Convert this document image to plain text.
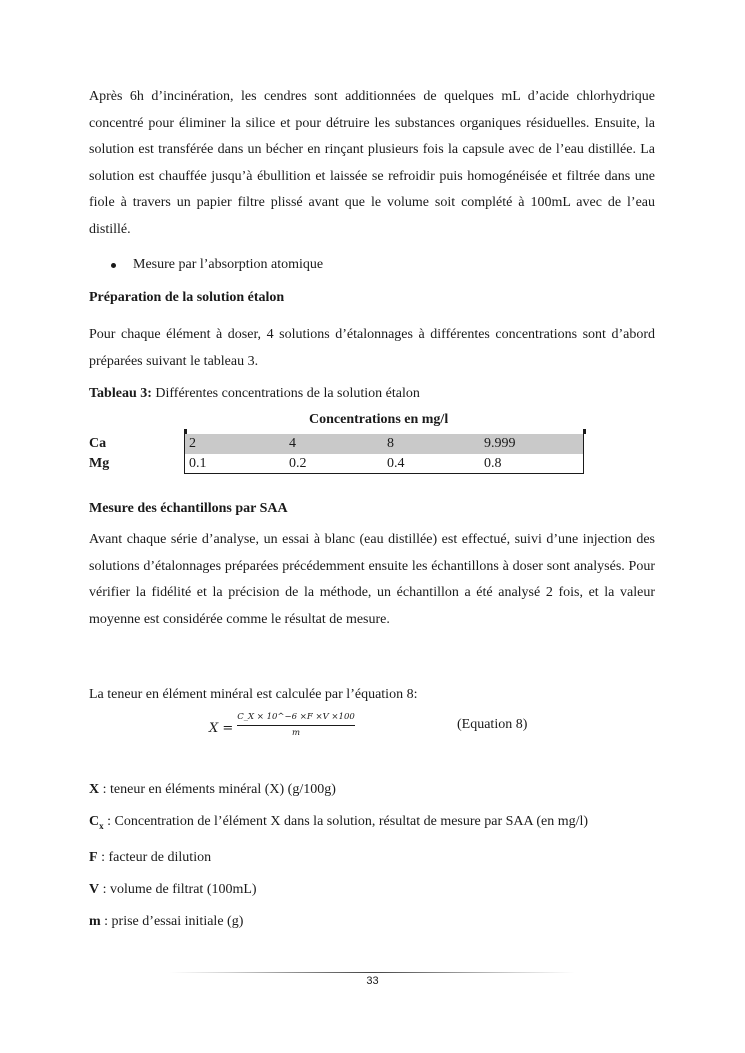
Après 6h d’incinération, les cendres sont additionnées de quelques mL d’acide chlorhydrique concentré pour éliminer la silice et pour détruire les substances organiques résiduelles. Ensuite, la solution est transférée dans un bécher en rinçant plusieurs fois la capsule avec de l’eau distillée. La solution est chauffée jusqu’à ébullition et laissée se refroidir puis homogénéisée et filtrée dans une fiole à travers un papier filtre plissé avant que le volume soit complété à 100mL avec de l’eau distillé.

Mesure par l’absorption atomique

Préparation de la solution étalon

Pour chaque élément à doser, 4 solutions d’étalonnages à différentes concentrations sont d’abord préparées suivant le tableau 3.

Tableau 3: Différentes concentrations de la solution étalon

Concentrations en mg/l
Ca	2	4	8	9.999
Mg	0.1	0.2	0.4	0.8

Mesure des échantillons par SAA

Avant chaque série d’analyse, un essai à blanc (eau distillée) est effectué, suivi d’une injection des solutions d’étalonnages préparées précédemment ensuite les échantillons à doser sont analysés. Pour vérifier la fidélité et la précision de la méthode, un échantillon a été analysé 2 fois, et la valeur moyenne est considérée comme le résultat de mesure.

La teneur en élément minéral est calculée par l’équation 8:

$X = \frac{C\_X \times 10\^{}-6 \times F \times V \times 100}{m}$	(Equation 8)

X : teneur en éléments minéral (X) (g/100g)

$C_x$ : Concentration de l’élément X dans la solution, résultat de mesure par SAA (en mg/l)

F : facteur de dilution

V : volume de filtrat (100mL)

m : prise d’essai initiale (g)

33
